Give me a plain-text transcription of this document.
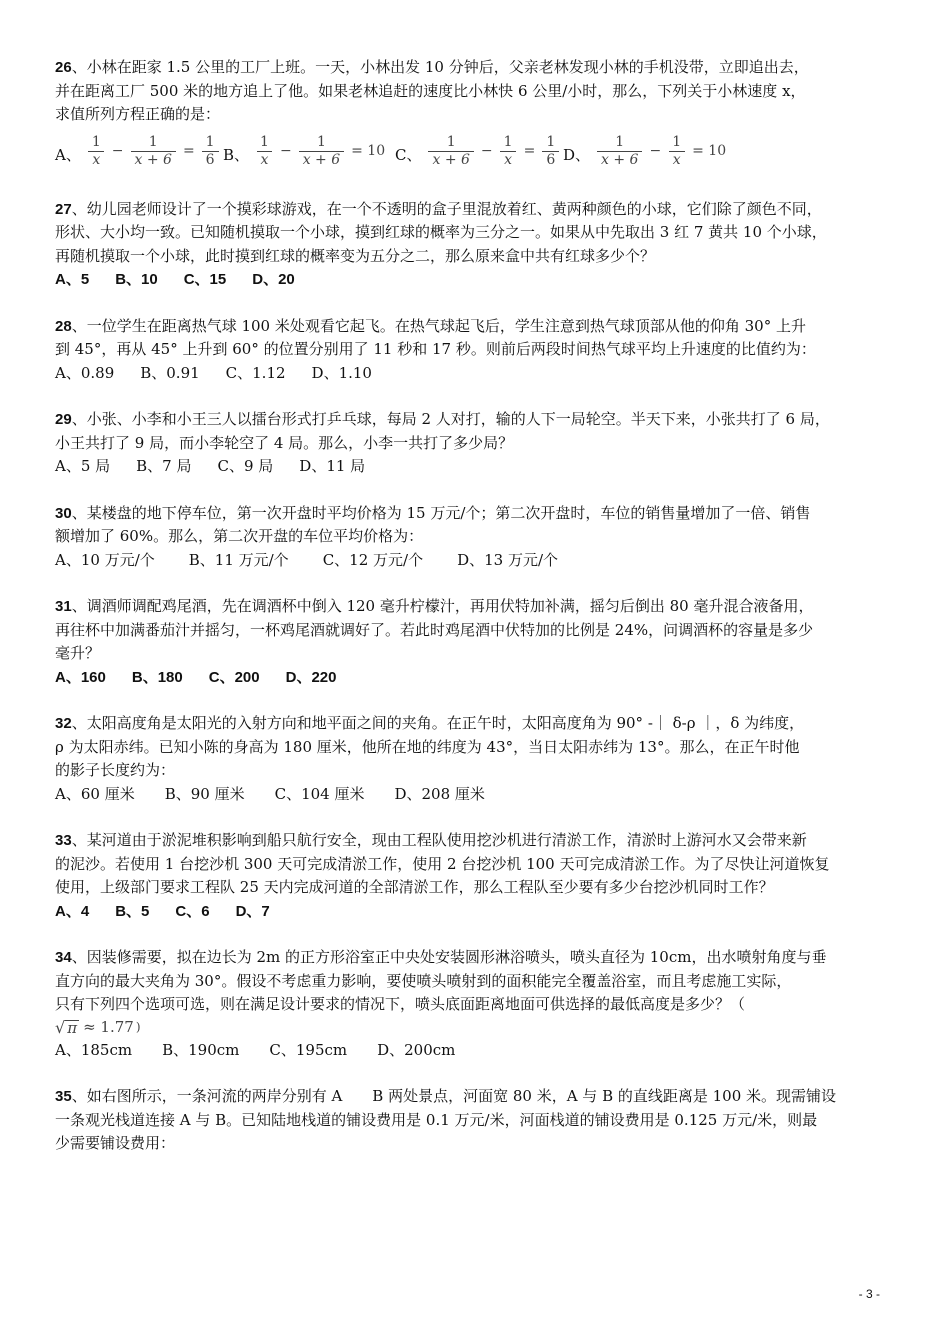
26、小林在距家 1.5 公里的工厂上班。一天，小林出发 10 分钟后，父亲老林发现小林的手机没带，立即追出去，

并在距离工厂 500 米的地方追上了他。如果老林追赶的速度比小林快 6 公里/小时，那么，下列关于小林速度 x，

求值所列方程正确的是：

A、 $\frac{1}{x} - \frac{1}{x + 6} = \frac{1}{6}$ B、 $\frac{1}{x} - \frac{1}{x + 6} = 10$ C、 $\frac{1}{x + 6} - \frac{1}{x} = \frac{1}{6}$ D、 $\frac{1}{x + 6} - \frac{1}{x} = 10$

27、幼儿园老师设计了一个摸彩球游戏，在一个不透明的盒子里混放着红、黄两种颜色的小球，它们除了颜色不同，

形状、大小均一致。已知随机摸取一个小球，摸到红球的概率为三分之一。如果从中先取出 3 红 7 黄共 10 个小球，

再随机摸取一个小球，此时摸到红球的概率变为五分之二，那么原来盒中共有红球多少个？

A、5 B、10 C、15 D、20

28、一位学生在距离热气球 100 米处观看它起飞。在热气球起飞后，学生注意到热气球顶部从他的仰角 30° 上升

到 45°，再从 45° 上升到 60° 的位置分别用了 11 秒和 17 秒。则前后两段时间热气球平均上升速度的比值约为：

A、0.89 B、0.91 C、1.12 D、1.10

29、小张、小李和小王三人以擂台形式打乒乓球，每局 2 人对打，输的人下一局轮空。半天下来，小张共打了 6 局，

小王共打了 9 局，而小李轮空了 4 局。那么，小李一共打了多少局？

A、5 局 B、7 局 C、9 局 D、11 局

30、某楼盘的地下停车位，第一次开盘时平均价格为 15 万元/个；第二次开盘时，车位的销售量增加了一倍、销售

额增加了 60%。那么，第二次开盘的车位平均价格为：

A、10 万元/个 B、11 万元/个 C、12 万元/个 D、13 万元/个

31、调酒师调配鸡尾酒，先在调酒杯中倒入 120 毫升柠檬汁，再用伏特加补满，摇匀后倒出 80 毫升混合液备用，

再往杯中加满番茄汁并摇匀，一杯鸡尾酒就调好了。若此时鸡尾酒中伏特加的比例是 24%，问调酒杯的容量是多少

毫升？

A、160 B、180 C、200 D、220

32、太阳高度角是太阳光的入射方向和地平面之间的夹角。在正午时，太阳高度角为 90° -｜ δ-ρ ｜，δ 为纬度，

ρ 为太阳赤纬。已知小陈的身高为 180 厘米，他所在地的纬度为 43°，当日太阳赤纬为 13°。那么，在正午时他

的影子长度约为：

A、60 厘米 B、90 厘米 C、104 厘米 D、208 厘米

33、某河道由于淤泥堆积影响到船只航行安全，现由工程队使用挖沙机进行清淤工作，清淤时上游河水又会带来新

的泥沙。若使用 1 台挖沙机 300 天可完成清淤工作，使用 2 台挖沙机 100 天可完成清淤工作。为了尽快让河道恢复

使用，上级部门要求工程队 25 天内完成河道的全部清淤工作，那么工程队至少要有多少台挖沙机同时工作？

A、4 B、5 C、6 D、7

34、因装修需要，拟在边长为 2m 的正方形浴室正中央处安装圆形淋浴喷头，喷头直径为 10cm，出水喷射角度与垂

直方向的最大夹角为 30°。假设不考虑重力影响，要使喷头喷射到的面积能完全覆盖浴室，而且考虑施工实际，

只有下列四个选项可选，则在满足设计要求的情况下，喷头底面距离地面可供选择的最低高度是多少？（

√ π ≈ 1.77 )
A、185cm B、190cm C、195cm D、200cm

35、如右图所示，一条河流的两岸分别有 A　　B 两处景点，河面宽 80 米，A 与 B 的直线距离是 100 米。现需铺设

一条观光栈道连接 A 与 B。已知陆地栈道的铺设费用是 0.1 万元/米，河面栈道的铺设费用是 0.125 万元/米，则最

少需要铺设费用：

- 3 -
